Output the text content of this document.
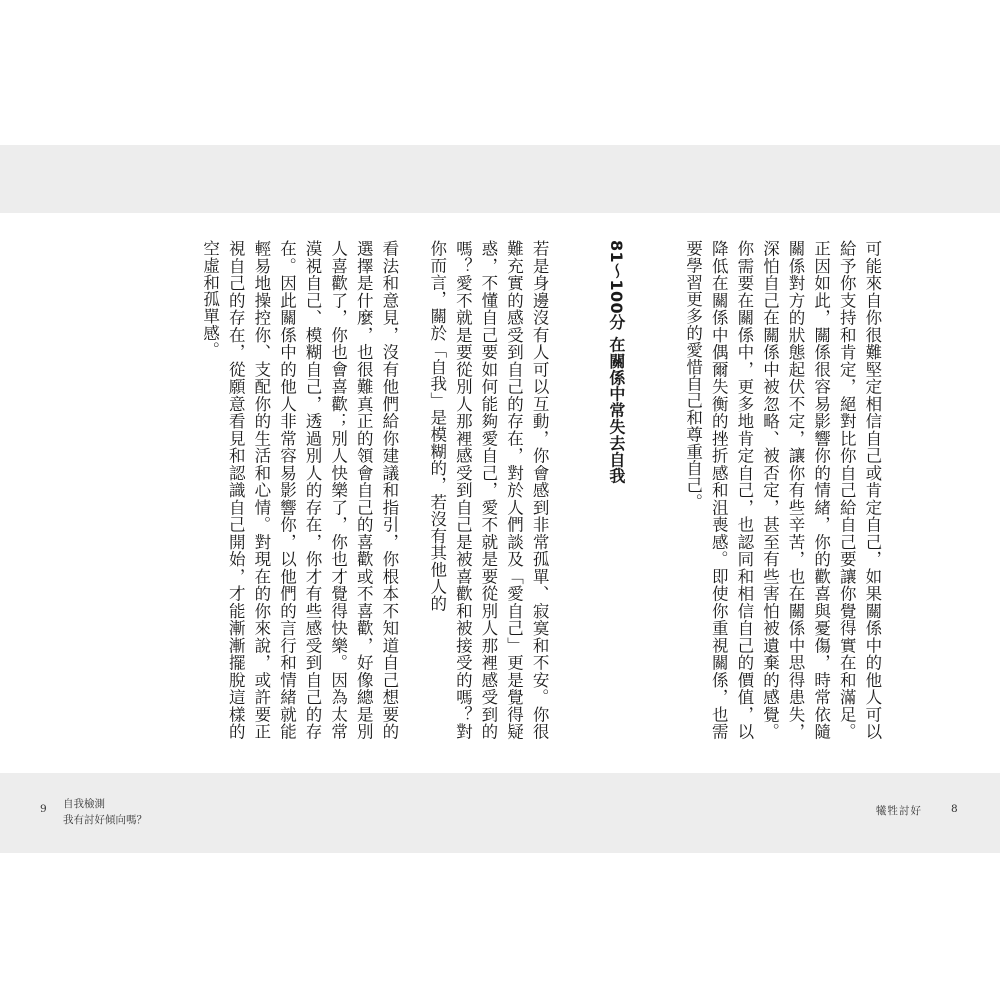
可能來自你很難堅定相信自己或肯定自己，如果關係中的他人可以給予你支持和肯定，絕對比你自己給自己要讓你覺得實在和滿足。正因如此，關係很容易影響你的情緒，你的歡喜與憂傷，時常依隨關係對方的狀態起伏不定，讓你有些辛苦，也在關係中思得患失，深怕自己在關係中被忽略、被否定，甚至有些害怕被遺棄的感覺。你需要在關係中，更多地肯定自己，也認同和相信自己的價值，以降低在關係中偶爾失衡的挫折感和沮喪感。即使你重視關係，也需要學習更多的愛惜自己和尊重自己。

81～100分 在關係中常失去自我

若是身邊沒有人可以互動，你會感到非常孤單、寂寞和不安。你很難充實的感受到自己的存在，對於人們談及「愛自己」更是覺得疑惑，不懂自己要如何能夠愛自己，愛不就是要從別人那裡感受到的嗎？愛不就是要從別人那裡感受到自己是被喜歡和被接受的嗎？對你而言，關於「自我」是模糊的，若沒有其他人的

看法和意見，沒有他們給你建議和指引，你根本不知道自己想要的選擇是什麼，也很難真正的領會自己的喜歡或不喜歡，好像總是別人喜歡了，你也會喜歡；別人快樂了，你也才覺得快樂。因為太常漠視自己、模糊自己，透過別人的存在，你才有些感受到自己的存在。因此關係中的他人非常容易影響你，以他們的言行和情緒就能輕易地操控你、支配你的生活和心情。對現在的你來說，或許要正視自己的存在，從願意看見和認識自己開始，才能漸漸擺脫這樣的空虛和孤單感。

9 自我檢測
我有討好傾向嗎？
犧牲討好	8
